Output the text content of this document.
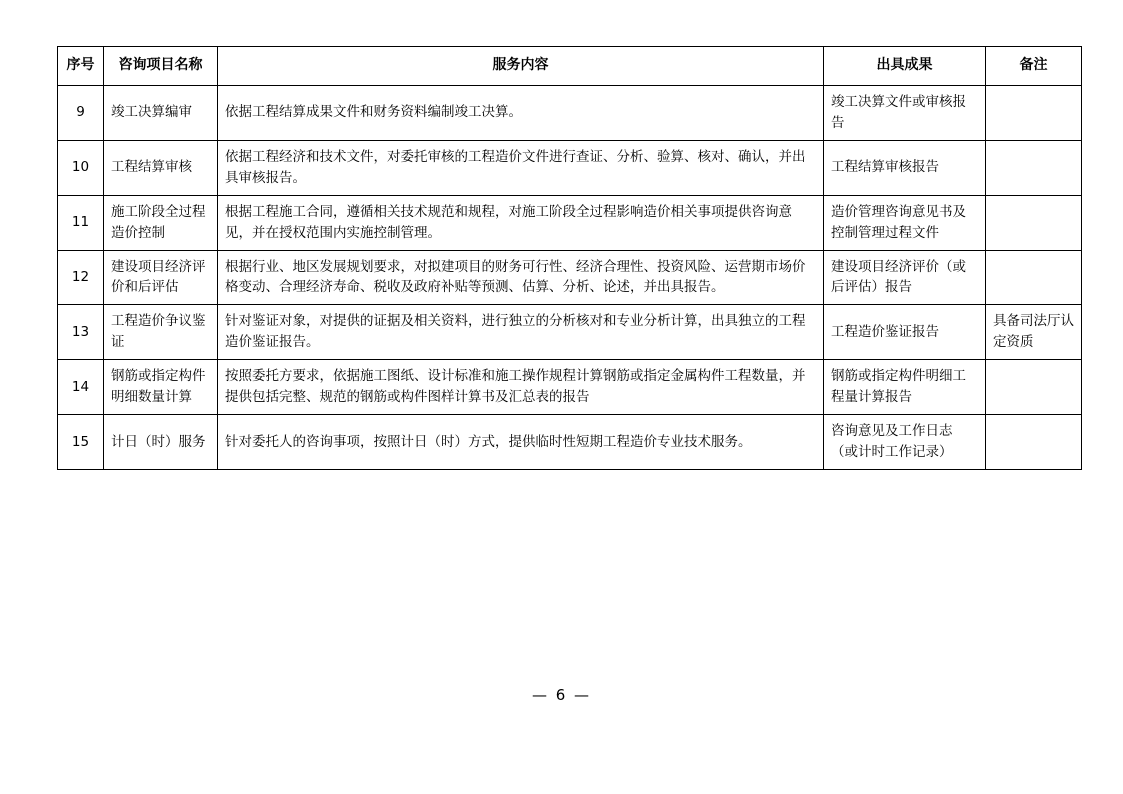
序号	咨询项目名称	服务内容	出具成果	备注
9	竣工决算编审	依据工程结算成果文件和财务资料编制竣工决算。	竣工决算文件或审核报告	
10	工程结算审核	依据工程经济和技术文件，对委托审核的工程造价文件进行查证、分析、验算、核对、确认，并出具审核报告。	工程结算审核报告	
11	施工阶段全过程造价控制	根据工程施工合同，遵循相关技术规范和规程，对施工阶段全过程影响造价相关事项提供咨询意见，并在授权范围内实施控制管理。	造价管理咨询意见书及控制管理过程文件	
12	建设项目经济评价和后评估	根据行业、地区发展规划要求，对拟建项目的财务可行性、经济合理性、投资风险、运营期市场价格变动、合理经济寿命、税收及政府补贴等预测、估算、分析、论述，并出具报告。	建设项目经济评价（或后评估）报告	
13	工程造价争议鉴证	针对鉴证对象，对提供的证据及相关资料，进行独立的分析核对和专业分析计算，出具独立的工程造价鉴证报告。	工程造价鉴证报告	具备司法厅认定资质
14	钢筋或指定构件明细数量计算	按照委托方要求，依据施工图纸、设计标准和施工操作规程计算钢筋或指定金属构件工程数量，并提供包括完整、规范的钢筋或构件图样计算书及汇总表的报告	钢筋或指定构件明细工程量计算报告	
15	计日（时）服务	针对委托人的咨询事项，按照计日（时）方式，提供临时性短期工程造价专业技术服务。	咨询意见及工作日志（或计时工作记录）	
— 6 —
